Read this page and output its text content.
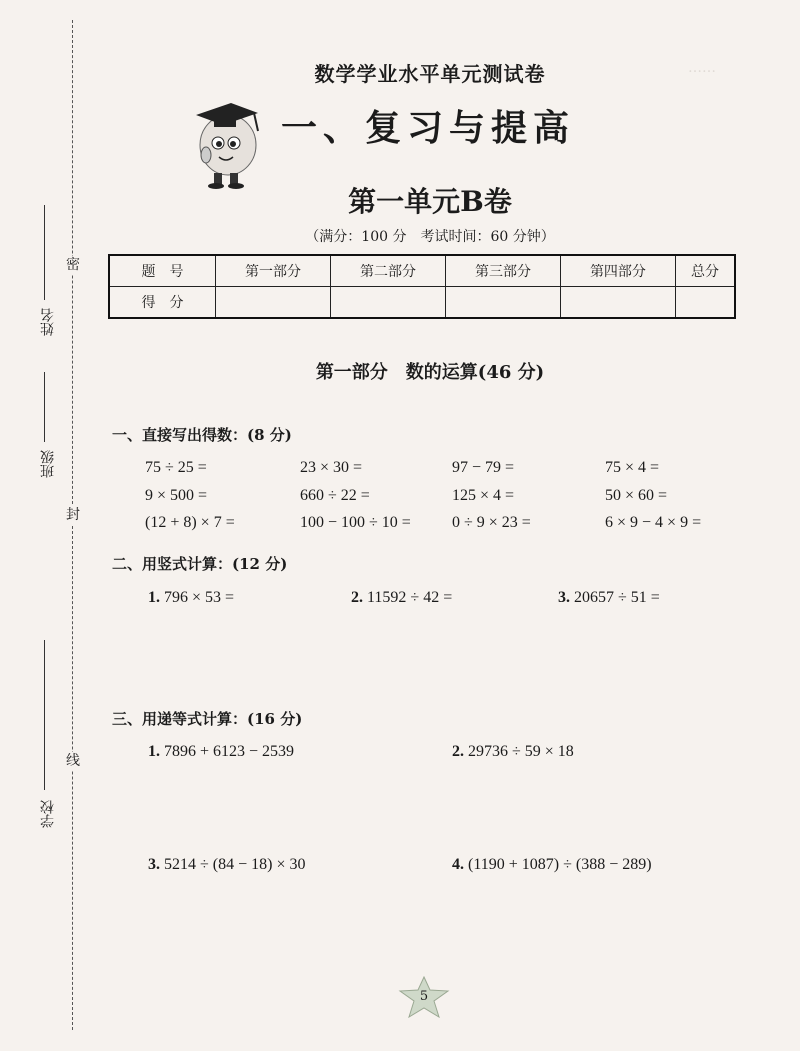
密
封
线
姓名
班级
学校
……
数学学业水平单元测试卷
一、复习与提高
第一单元B卷
（满分：100 分　考试时间：60 分钟）
题　号	第一部分	第二部分	第三部分	第四部分	总分
得　分					
第一部分　数的运算(46 分)
一、直接写出得数：(8 分)
75 ÷ 25 =	23 × 30 =	97 − 79 =	75 × 4 =
9 × 500 =	660 ÷ 22 =	125 × 4 =	50 × 60 =
(12 + 8) × 7 =	100 − 100 ÷ 10 =	0 ÷ 9 × 23 =	6 × 9 − 4 × 9 =
二、用竖式计算：(12 分)
1. 796 × 53 =	2. 11592 ÷ 42 =	3. 20657 ÷ 51 =
三、用递等式计算：(16 分)
1. 7896 + 6123 − 2539	2. 29736 ÷ 59 × 18
3. 5214 ÷ (84 − 18) × 30	4. (1190 + 1087) ÷ (388 − 289)
5
